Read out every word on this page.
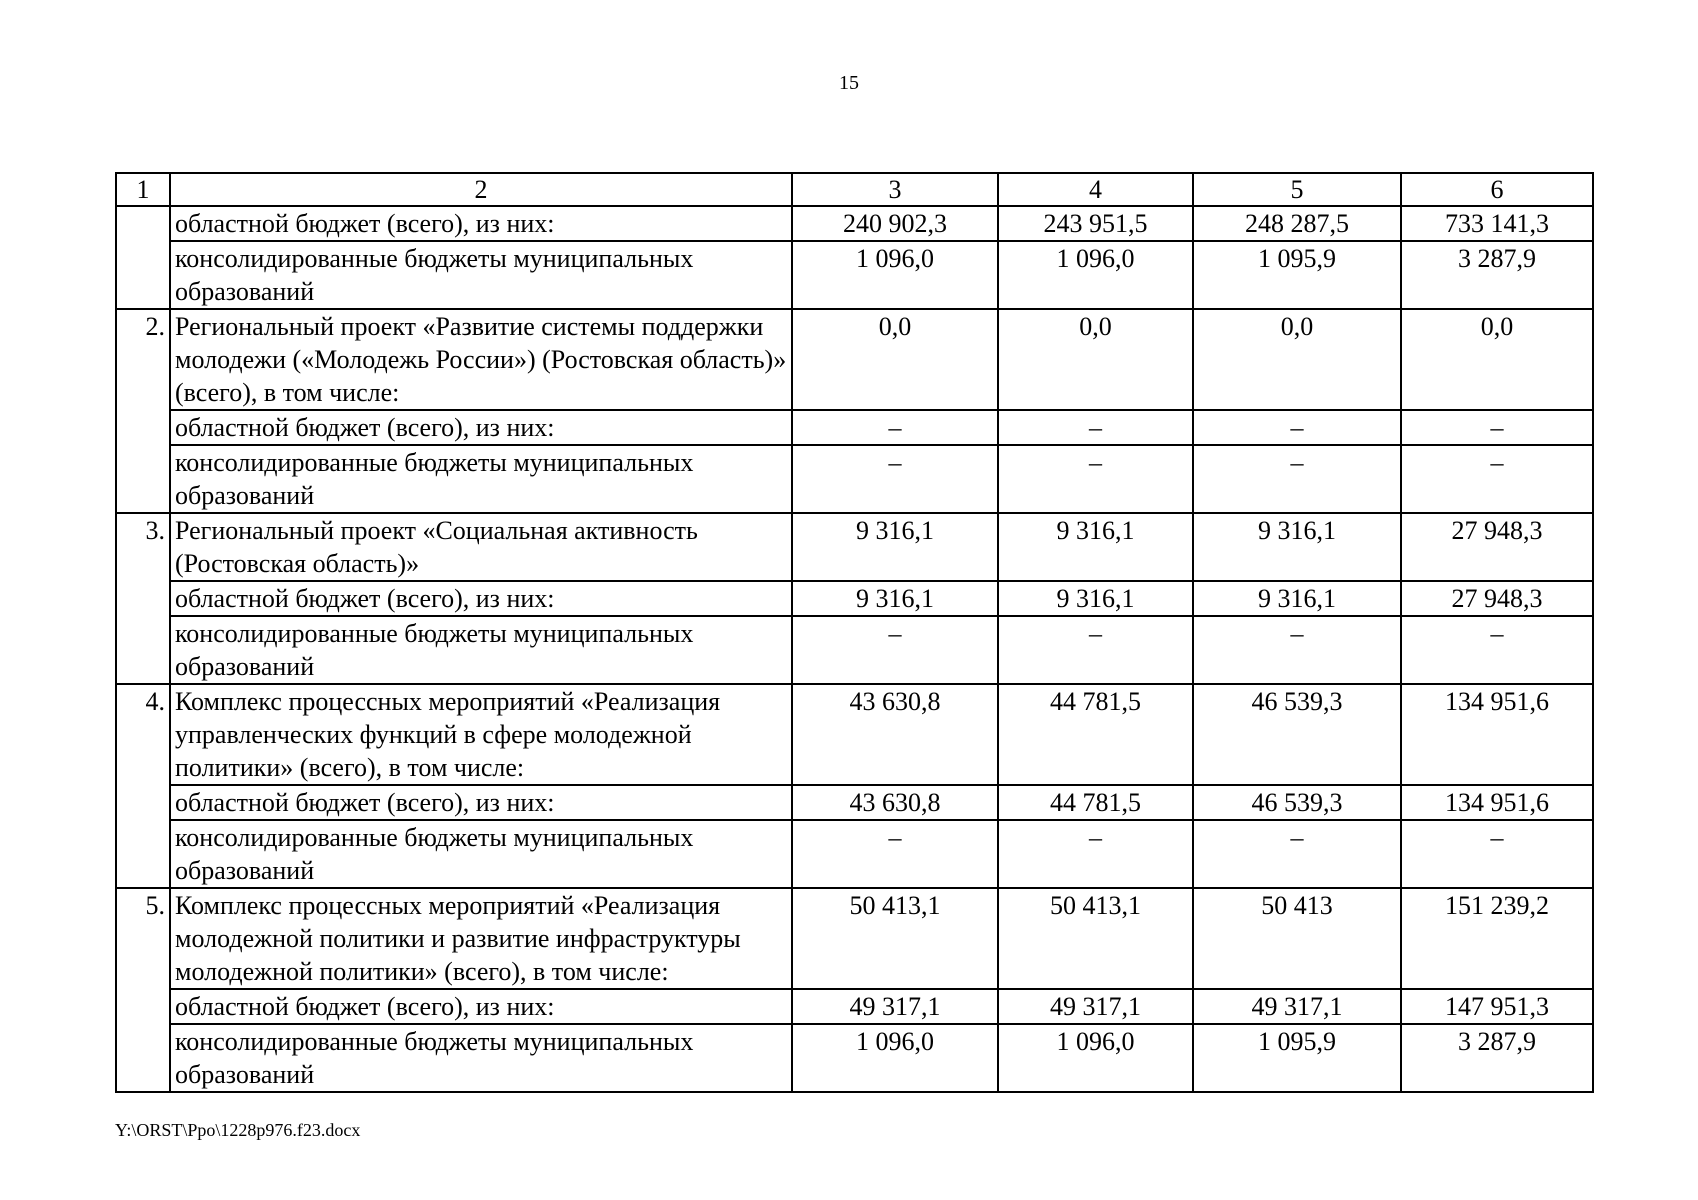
15
1	2	3	4	5	6
	областной бюджет (всего), из них:	240 902,3	243 951,5	248 287,5	733 141,3
	консолидированные бюджеты муниципальных образований	1 096,0	1 096,0	1 095,9	3 287,9
2.	Региональный проект «Развитие системы поддержки молодежи («Молодежь России») (Ростовская область)» (всего), в том числе:	0,0	0,0	0,0	0,0
	областной бюджет (всего), из них:	–	–	–	–
	консолидированные бюджеты муниципальных образований	–	–	–	–
3.	Региональный проект «Социальная активность (Ростовская область)»	9 316,1	9 316,1	9 316,1	27 948,3
	областной бюджет (всего), из них:	9 316,1	9 316,1	9 316,1	27 948,3
	консолидированные бюджеты муниципальных образований	–	–	–	–
4.	Комплекс процессных мероприятий «Реализация управленческих функций в сфере молодежной политики» (всего), в том числе:	43 630,8	44 781,5	46 539,3	134 951,6
	областной бюджет (всего), из них:	43 630,8	44 781,5	46 539,3	134 951,6
	консолидированные бюджеты муниципальных образований	–	–	–	–
5.	Комплекс процессных мероприятий «Реализация молодежной политики и развитие инфраструктуры молодежной политики» (всего), в том числе:	50 413,1	50 413,1	50 413	151 239,2
	областной бюджет (всего), из них:	49 317,1	49 317,1	49 317,1	147 951,3
	консолидированные бюджеты муниципальных образований	1 096,0	1 096,0	1 095,9	3 287,9
Y:\ORST\Ppo\1228p976.f23.docx
